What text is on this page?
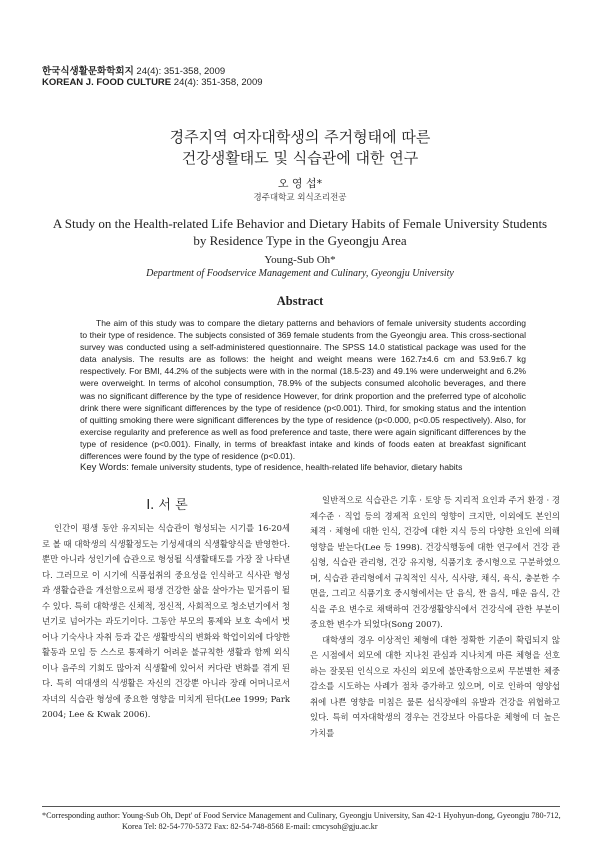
한국식생활문화학회지 24(4): 351-358, 2009
KOREAN J. FOOD CULTURE 24(4): 351-358, 2009
경주지역 여자대학생의 주거형태에 따른
건강생활태도 및 식습관에 대한 연구
오 영 섭*
경주대학교 외식조리전공
A Study on the Health-related Life Behavior and Dietary Habits of Female University Students by Residence Type in the Gyeongju Area
Young-Sub Oh*
Department of Foodservice Management and Culinary, Gyeongju University
Abstract
The aim of this study was to compare the dietary patterns and behaviors of female university students according to their type of residence. The subjects consisted of 369 female students from the Gyeongju area. This cross-sectional survey was conducted using a self-administered questionnaire. The SPSS 14.0 statistical package was used for the data analysis. The results are as follows: the height and weight means were 162.7±4.6 cm and 53.9±6.7 kg respectively. For BMI, 44.2% of the subjects were with in the normal (18.5-23) and 49.1% were underweight and 6.2% were overweight. In terms of alcohol consumption, 78.9% of the subjects consumed alcoholic beverages, and there was no significant difference by the type of residence However, for drink proportion and the preferred type of alcoholic drink there were significant differences by the type of residence (p<0.001). Third, for smoking status and the intention of quitting smoking there were significant differences by the type of residence (p<0.000, p<0.05 respectively). Also, for exercise regularity and preference as well as food preference and taste, there were again significant differences by the type of residence (p<0.001). Finally, in terms of breakfast intake and kinds of foods eaten at breakfast significant differences were found by the type of residence (p<0.01).
Key Words: female university students, type of residence, health-related life behavior, dietary habits
I. 서 론

인간이 평생 동안 유지되는 식습관이 형성되는 시기를 16-20세로 볼 때 대학생의 식생활정도는 기성세대의 식생활양식을 반영한다. 뿐만 아니라 성인기에 습관으로 형성될 식생활태도를 가장 잘 나타낸다. 그러므로 이 시기에 식품섭취의 중요성을 인식하고 식사관 형성과 생활습관을 개선함으로써 평생 건강한 삶을 살아가는 밑거름이 될 수 있다. 특히 대학생은 신체적, 정신적, 사회적으로 청소년기에서 청년기로 넘어가는 과도기이다. 그동안 부모의 통제와 보호 속에서 벗어나 기숙사나 자취 등과 같은 생활방식의 변화와 학업이외에 다양한 활동과 모임 등 스스로 통제하기 어려운 불규칙한 생활과 함께 외식이나 음주의 기회도 많아져 식생활에 있어서 커다란 변화를 겪게 된다. 특히 여대생의 식생활은 자신의 건강뿐 아니라 장래 어머니로서 자녀의 식습관 형성에 중요한 영향을 미치게 된다(Lee 1999; Park 2004; Lee & Kwak 2006).

일반적으로 식습관은 기후 · 토양 등 지리적 요인과 주거 환경 · 경제수준 · 직업 등의 경제적 요인의 영향이 크지만, 이외에도 본인의 체격 · 체형에 대한 인식, 건강에 대한 지식 등의 다양한 요인에 의해 영향을 받는다(Lee 등 1998). 건강식행동에 대한 연구에서 건강 관심형, 식습관 관리형, 건강 유지형, 식품기호 중시형으로 구분하였으며, 식습관 관리형에서 규칙적인 식사, 식사량, 채식, 육식, 충분한 수면을, 그리고 식품기호 중시형에서는 단 음식, 짠 음식, 매운 음식, 간식을 주요 변수로 채택하여 건강생활양식에서 건강식에 관한 부분이 중요한 변수가 되었다(Song 2007).

대학생의 경우 이상적인 체형에 대한 정확한 기준이 확립되지 않은 시점에서 외모에 대한 지나친 관심과 지나치게 마른 체형을 선호하는 잘못된 인식으로 자신의 외모에 불만족함으로써 무분별한 체중감소를 시도하는 사례가 점차 증가하고 있으며, 이로 인하여 영양섭취에 나쁜 영향을 미침은 물론 섭식장애의 유발과 건강을 위협하고 있다. 특히 여자대학생의 경우는 건강보다 아름다운 체형에 더 높은 가치를

*Corresponding author: Young-Sub Oh, Dept' of Food Service Management and Culinary, Gyeongju University, San 42-1 Hyohyun-dong, Gyeongju 780-712,
Korea Tel: 82-54-770-5372 Fax: 82-54-748-8568 E-mail: cmcysoh@gju.ac.kr
